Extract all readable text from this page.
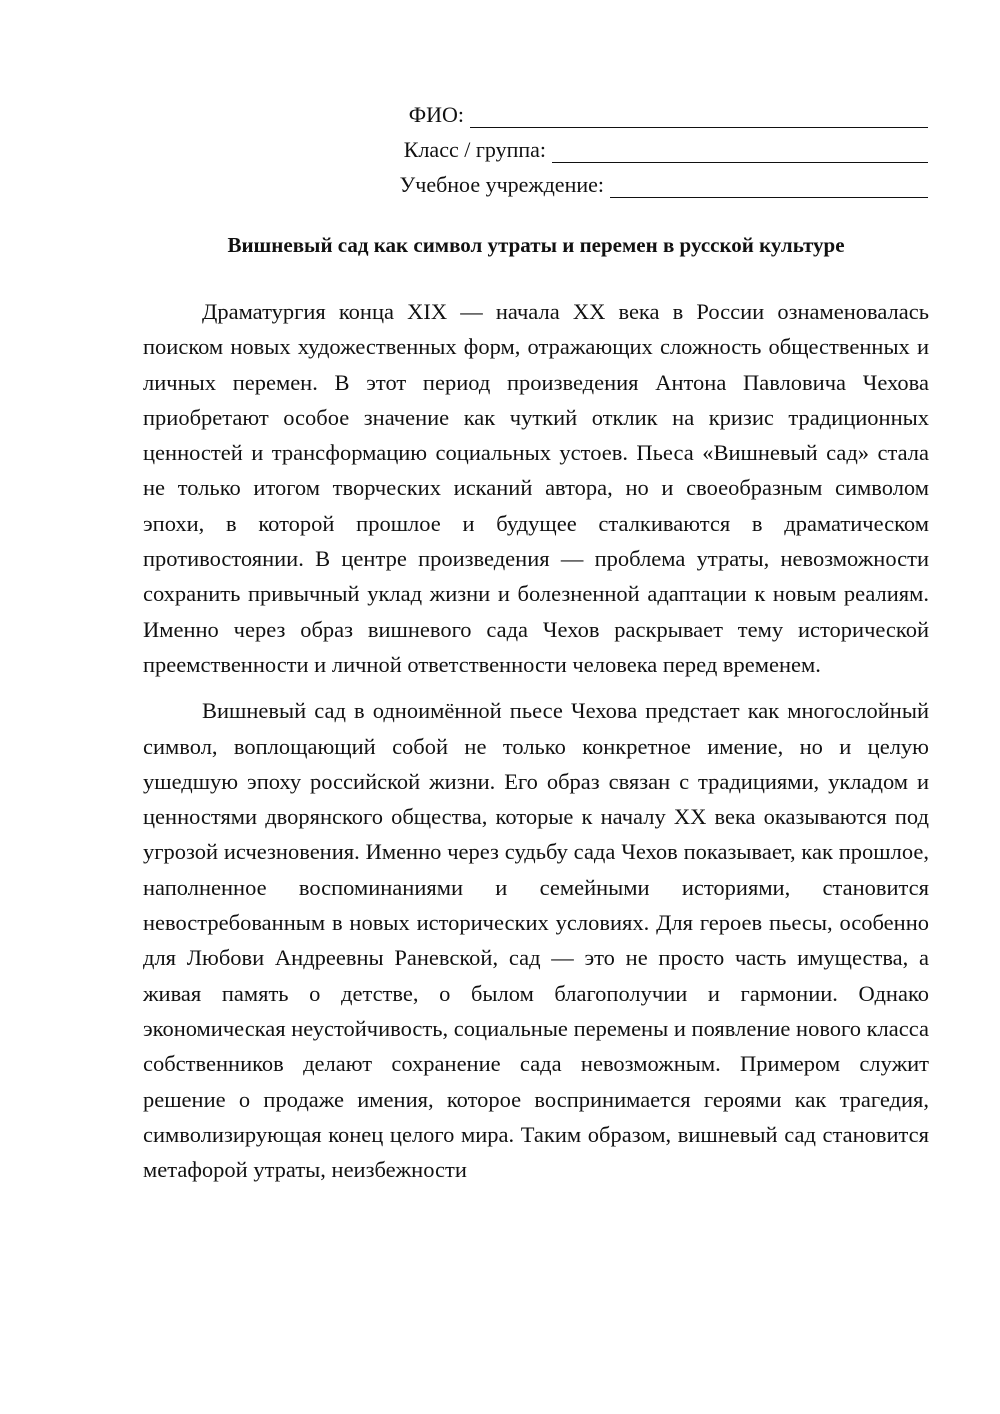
ФИО:
Класс / группа:
Учебное учреждение:
Вишневый сад как символ утраты и перемен в русской культуре

Драматургия конца XIX — начала XX века в России ознаменовалась поиском новых художественных форм, отражающих сложность общественных и личных перемен. В этот период произведения Антона Павловича Чехова приобретают особое значение как чуткий отклик на кризис традиционных ценностей и трансформацию социальных устоев. Пьеса «Вишневый сад» стала не только итогом творческих исканий автора, но и своеобразным символом эпохи, в которой прошлое и будущее сталкиваются в драматическом противостоянии. В центре произведения — проблема утраты, невозможности сохранить привычный уклад жизни и болезненной адаптации к новым реалиям. Именно через образ вишневого сада Чехов раскрывает тему исторической преемственности и личной ответственности человека перед временем.

Вишневый сад в одноимённой пьесе Чехова предстает как многослойный символ, воплощающий собой не только конкретное имение, но и целую ушедшую эпоху российской жизни. Его образ связан с традициями, укладом и ценностями дворянского общества, которые к началу XX века оказываются под угрозой исчезновения. Именно через судьбу сада Чехов показывает, как прошлое, наполненное воспоминаниями и семейными историями, становится невостребованным в новых исторических условиях. Для героев пьесы, особенно для Любови Андреевны Раневской, сад — это не просто часть имущества, а живая память о детстве, о былом благополучии и гармонии. Однако экономическая неустойчивость, социальные перемены и появление нового класса собственников делают сохранение сада невозможным. Примером служит решение о продаже имения, которое воспринимается героями как трагедия, символизирующая конец целого мира. Таким образом, вишневый сад становится метафорой утраты, неизбежности
